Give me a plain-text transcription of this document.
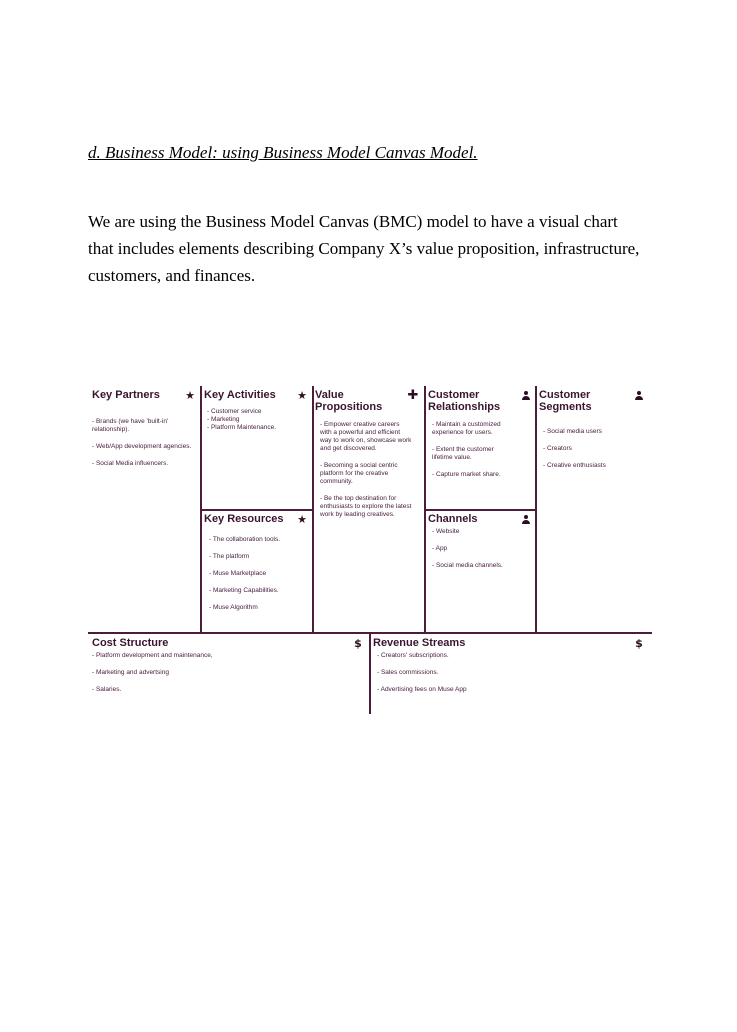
d. Business Model: using Business Model Canvas Model.
We are using the Business Model Canvas (BMC) model to have a visual chart
that includes elements describing Company X’s value proposition, infrastructure,
customers, and finances.
Key Partners	★
- Brands (we have 'built-in' relationship).
- Web/App development agencies.
- Social Media influencers.
Key Activities	★
- Customer service
- Marketing
- Platform Maintenance.
Key Resources	★
- The collaboration tools.
- The platform
- Muse Marketplace
- Marketing Capabilities.
- Muse Algorithm
Value
Propositions
✚
- Empower creative careers with a powerful and efficient way to work on, showcase work and get discovered.
- Becoming a social centric platform for the creative community.
- Be the top destination for enthusiasts to explore the latest work by leading creatives.
Customer
Relationships
- Maintain a customized experience for users.
- Extent the customer lifetime value.
- Capture market share.
Channels
- Website
- App
- Social media channels.
Customer
Segments
- Social media users
- Creators
- Creative enthusiasts
Cost Structure	$
- Platform development and maintenance,
- Marketing and advertsing
- Salaries.
Revenue Streams	$
- Creators' subscriptions.
- Sales commissions.
- Advertising fees on Muse App
